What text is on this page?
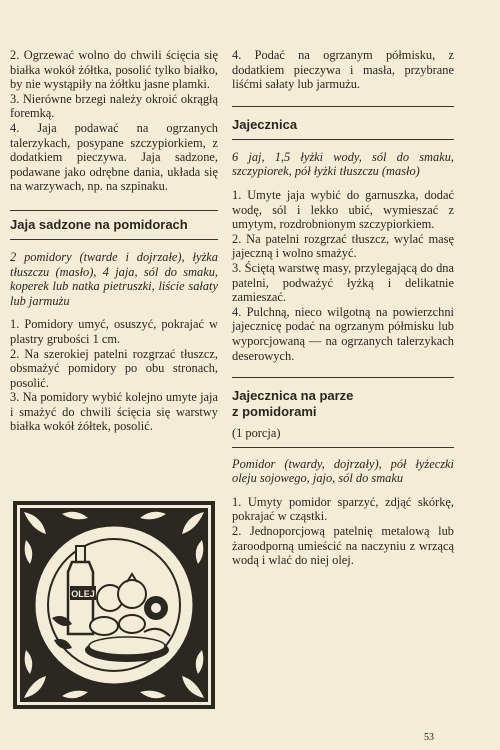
2. Ogrzewać wolno do chwili ścięcia się białka wokół żółtka, posolić tylko białko, by nie wystąpiły na żółtku jasne plamki.

3. Nierówne brzegi należy okroić okrągłą foremką.

4. Jaja podawać na ogrzanych talerzykach, posypane szczypiorkiem, z dodatkiem pieczywa. Jaja sadzone, podawane jako odrębne dania, układa się na warzywach, np. na szpinaku.

Jaja sadzone na pomidorach

2 pomidory (twarde i dojrzałe), łyżka tłuszczu (masło), 4 jaja, sól do smaku, koperek lub natka pietruszki, liście sałaty lub jarmużu

1. Pomidory umyć, osuszyć, pokrajać w plastry grubości 1 cm.

2. Na szerokiej patelni rozgrzać tłuszcz, obsmażyć pomidory po obu stronach, posolić.

3. Na pomidory wybić kolejno umyte jaja i smażyć do chwili ścięcia się warstwy białka wokół żółtek, posolić.

OLEJ

4. Podać na ogrzanym półmisku, z dodatkiem pieczywa i masła, przybrane liśćmi sałaty lub jarmużu.

Jajecznica

6 jaj, 1,5 łyżki wody, sól do smaku, szczypiorek, pół łyżki tłuszczu (masło)

1. Umyte jaja wybić do garnuszka, dodać wodę, sól i lekko ubić, wymieszać z umytym, rozdrobnionym szczypiorkiem.

2. Na patelni rozgrzać tłuszcz, wylać masę jajeczną i wolno smażyć.

3. Ściętą warstwę masy, przylegającą do dna patelni, podważyć łyżką i delikatnie zamieszać.

4. Pulchną, nieco wilgotną na powierzchni jajecznicę podać na ogrzanym półmisku lub wyporcjowaną — na ogrzanych talerzykach deserowych.

Jajecznica na parze
z pomidorami

(1 porcja)

Pomidor (twardy, dojrzały), pół łyżeczki oleju sojowego, jajo, sól do smaku

1. Umyty pomidor sparzyć, zdjąć skórkę, pokrajać w cząstki.

2. Jednoporcjową patelnię metalową lub żaroodporną umieścić na naczyniu z wrzącą wodą i wlać do niej olej.

53
